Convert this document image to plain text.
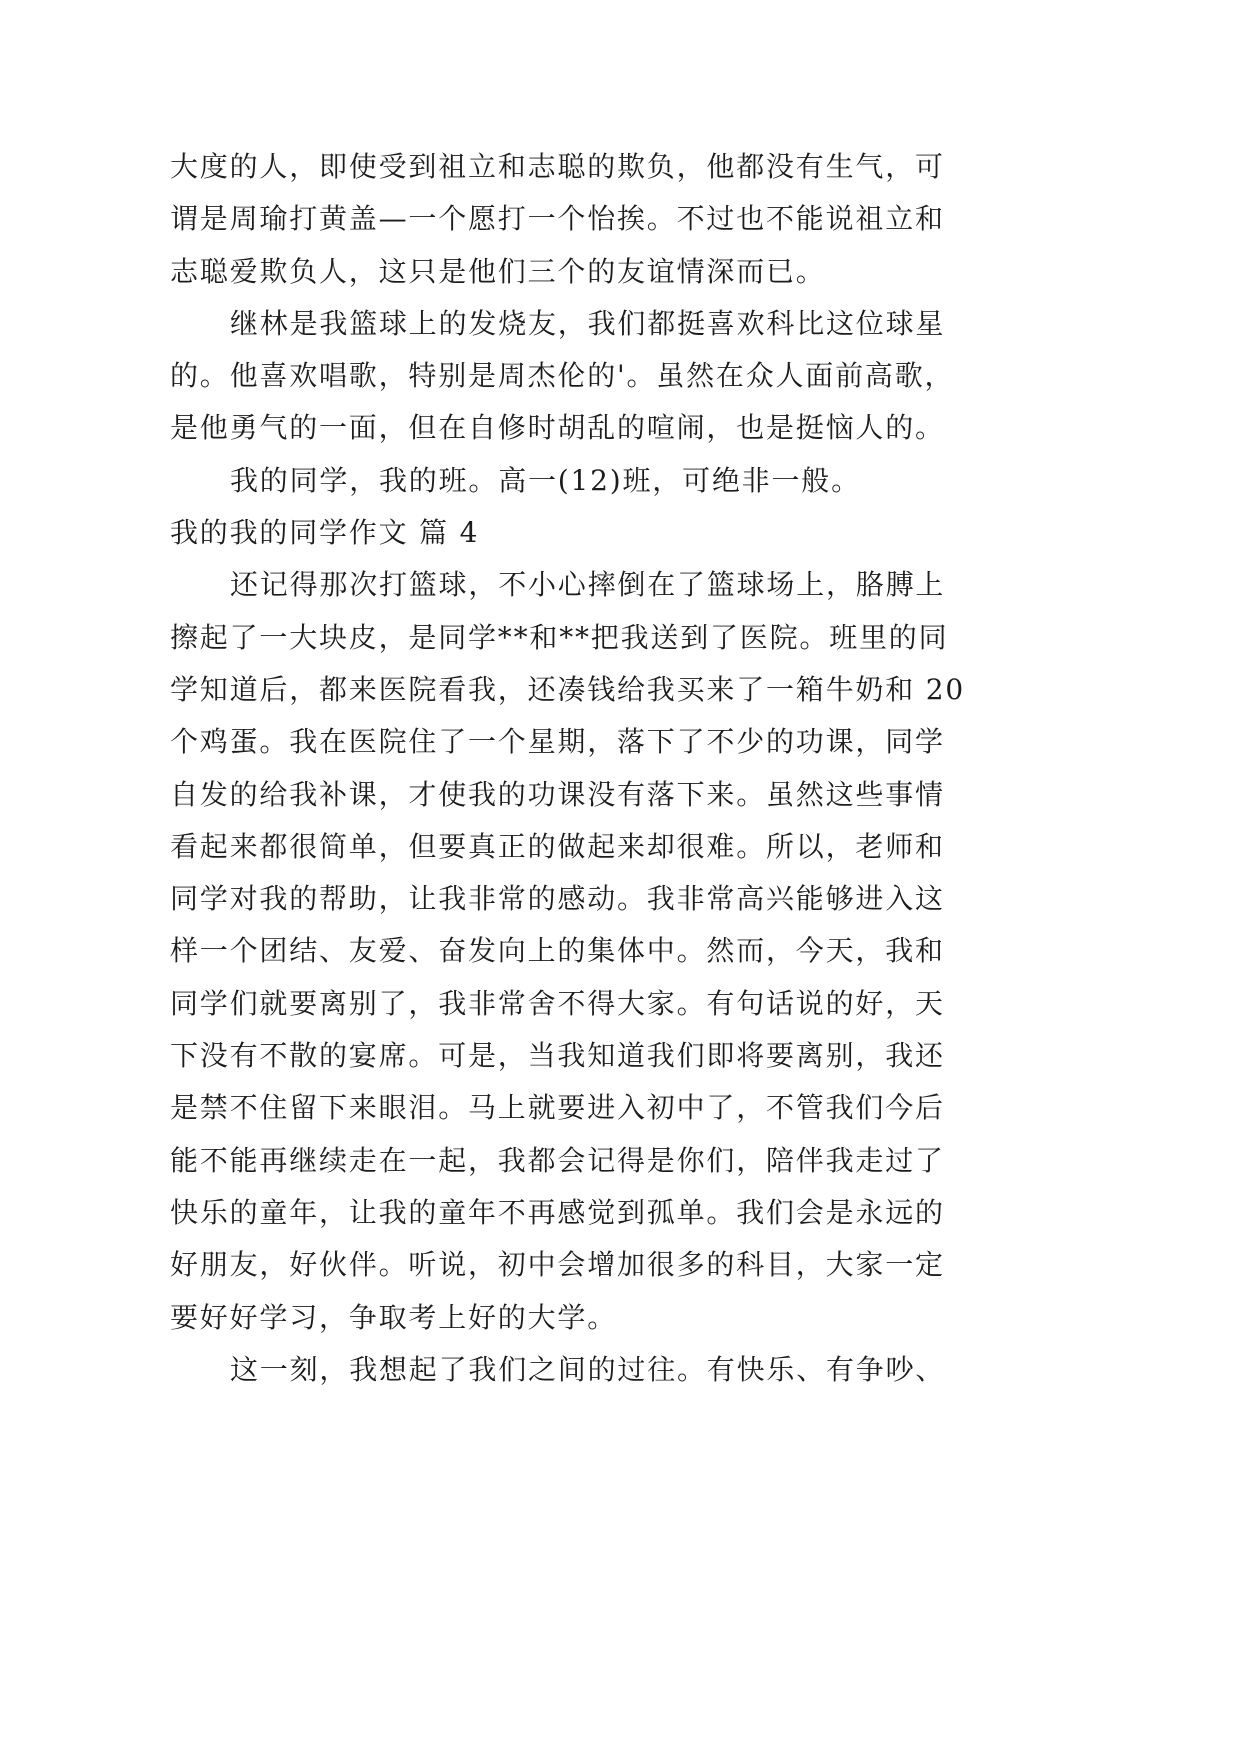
大度的人，即使受到祖立和志聪的欺负，他都没有生气，可
谓是周瑜打黄盖—一个愿打一个怡挨。不过也不能说祖立和
志聪爱欺负人，这只是他们三个的友谊情深而已。
继林是我篮球上的发烧友，我们都挺喜欢科比这位球星
的。他喜欢唱歌，特别是周杰伦的'。虽然在众人面前高歌，
是他勇气的一面，但在自修时胡乱的喧闹，也是挺恼人的。
我的同学，我的班。高一(12)班，可绝非一般。
我的我的同学作文 篇 4
还记得那次打篮球，不小心摔倒在了篮球场上，胳膊上
擦起了一大块皮，是同学**和**把我送到了医院。班里的同
学知道后，都来医院看我，还凑钱给我买来了一箱牛奶和 20
个鸡蛋。我在医院住了一个星期，落下了不少的功课，同学
自发的给我补课，才使我的功课没有落下来。虽然这些事情
看起来都很简单，但要真正的做起来却很难。所以，老师和
同学对我的帮助，让我非常的感动。我非常高兴能够进入这
样一个团结、友爱、奋发向上的集体中。然而，今天，我和
同学们就要离别了，我非常舍不得大家。有句话说的好，天
下没有不散的宴席。可是，当我知道我们即将要离别，我还
是禁不住留下来眼泪。马上就要进入初中了，不管我们今后
能不能再继续走在一起，我都会记得是你们，陪伴我走过了
快乐的童年，让我的童年不再感觉到孤单。我们会是永远的
好朋友，好伙伴。听说，初中会增加很多的科目，大家一定
要好好学习，争取考上好的大学。
这一刻，我想起了我们之间的过往。有快乐、有争吵、
